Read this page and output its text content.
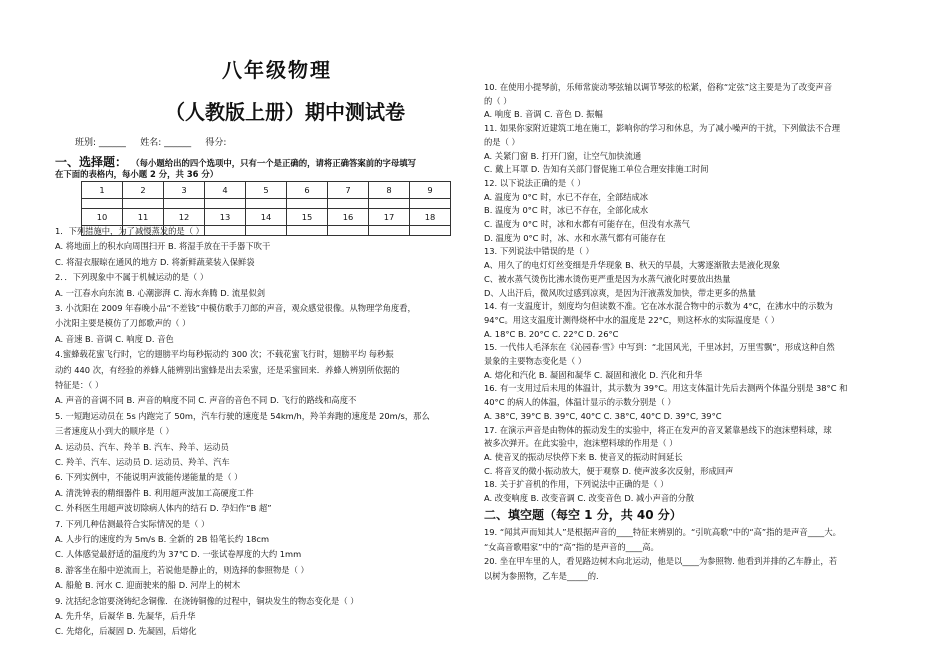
八年级物理
（人教版上册）期中测试卷
班别: ______     姓名: ______     得分:
一、选择题： （每小题给出的四个选项中，只有一个是正确的，请将正确答案前的字母填写
在下面的表格内，每小题 2 分，共 36 分）
1	2	3	4	5	6	7	8	9

10	11	12	13	14	15	16	17	18

1．下列措施中，为了减慢蒸发的是（ ）
A. 将地面上的积水向周围扫开 B. 将湿手放在干手器下吹干
C. 将湿衣服晾在通风的地方 D. 将新鲜蔬菜装入保鲜袋
2．．下列现象中不属于机械运动的是（ ）
A. 一江春水向东流 B. 心潮澎湃 C. 海水奔腾 D. 流星似剑
3. 小沈阳在 2009 年春晚小品“不差钱”中模仿歌手刀郎的声音，观众感觉很像。从物理学角度看，
小沈阳主要是模仿了刀郎歌声的（ ）
A. 音速 B. 音调 C. 响度 D. 音色
4.蜜蜂载花蜜飞行时，它的翅膀平均每秒振动约 300 次；不载花蜜飞行时，翅膀平均 每秒振
动约 440 次，有经验的养蜂人能辨别出蜜蜂是出去采蜜，还是采蜜回来．养蜂人辨别所依据的
特征是：（ ）
A. 声音的音调不同 B. 声音的响度不同 C. 声音的音色不同 D. 飞行的路线和高度不
5. 一短跑运动员在 5s 内跑完了 50m，汽车行驶的速度是 54km/h，羚羊奔跑的速度是 20m/s，那么
三者速度从小到大的顺序是（ ）
A. 运动员、汽车、羚羊 B. 汽车、羚羊、运动员
C. 羚羊、汽车、运动员 D. 运动员、羚羊、汽车
6. 下列实例中，不能说明声波能传递能量的是（ ）
A. 清洗钟表的精细器件 B. 利用超声波加工高硬度工件
C. 外科医生用超声波切除病人体内的结石 D. 孕妇作“B 超”
7. 下列几种估测最符合实际情况的是（ ）
A. 人步行的速度约为 5m/s B. 全新的 2B 铅笔长约 18cm
C. 人体感觉最舒适的温度约为 37℃ D. 一张试卷厚度的大约 1mm
8. 游客坐在船中逆流而上，若说他是静止的，则选择的参照物是（ ）
A. 船舱 B. 河水 C. 迎面驶来的船 D. 河岸上的树木
9. 沈括纪念馆要浇铸纪念铜像．在浇铸铜像的过程中，铜块发生的物态变化是（ ）
A. 先升华，后凝华 B. 先凝华，后升华
C. 先熔化，后凝固 D. 先凝固，后熔化
10. 在使用小提琴前，乐师常旋动琴弦轴以调节琴弦的松紧，俗称“定弦”这主要是为了改变声音
的（ ）
A. 响度 B. 音调 C. 音色 D. 振幅
11. 如果你家附近建筑工地在施工，影响你的学习和休息，为了减小噪声的干扰，下列做法不合理
的是（ ）
A. 关紧门窗 B. 打开门窗，让空气加快流通
C. 戴上耳罩 D. 告知有关部门督促施工单位合理安排施工时间
12. 以下说法正确的是（ ）
A. 温度为 0°C 时，水已不存在，全部结成冰
B. 温度为 0°C 时，冰已不存在，全部化成水
C. 温度为 0°C 时，冰和水都有可能存在，但没有水蒸气
D. 温度为 0°C 时，冰、水和水蒸气都有可能存在
13. 下列说法中错误的是（ ）
A、用久了的电灯灯丝变细是升华现象 B、秋天的早晨，大雾逐渐散去是液化现象
C、被水蒸气烫伤比沸水烫伤更严重是因为水蒸气液化时要放出热量
D、人出汗后，微风吹过感到凉爽，是因为汗液蒸发加快，带走更多的热量
14. 有一支温度计，刻度均匀但读数不准。它在冰水混合物中的示数为 4°C，在沸水中的示数为
94°C。用这支温度计测得烧杯中水的温度是 22°C，则这杯水的实际温度是（ ）
A. 18°C B. 20°C C. 22°C D. 26°C
15. 一代伟人毛泽东在《沁园春·雪》中写到：“北国风光，千里冰封，万里雪飘”，形成这种自然
景象的主要物态变化是（ ）
A. 熔化和汽化 B. 凝固和凝华 C. 凝固和液化 D. 汽化和升华
16. 有一支用过后未甩的体温计，其示数为 39°C。用这支体温计先后去测两个体温分别是 38°C 和
40°C 的病人的体温，体温计显示的示数分别是（ ）
A. 38°C, 39°C B. 39°C, 40°C C. 38°C, 40°C D. 39°C, 39°C
17. 在演示声音是由物体的振动发生的实验中，将正在发声的音叉紧靠悬线下的泡沫塑料球，球
被多次弹开。在此实验中，泡沫塑料球的作用是（ ）
A. 使音叉的振动尽快停下来 B. 使音叉的振动时间延长
C. 将音叉的微小振动放大，便于观察 D. 使声波多次反射，形成回声
18. 关于扩音机的作用，下列说法中正确的是（ ）
A. 改变响度 B. 改变音调 C. 改变音色 D. 减小声音的分散
二、填空题（每空 1 分，共 40 分）
19. “闻其声而知其人”是根据声音的____特征来辨别的。“引吭高歌”中的“高”指的是声音____大。
“女高音歌唱家”中的“高”指的是声音的____高。
20. 坐在甲车里的人，看见路边树木向北运动，他是以____为参照物. 他看到并排的乙车静止，若
以树为参照物，乙车是_____的.
